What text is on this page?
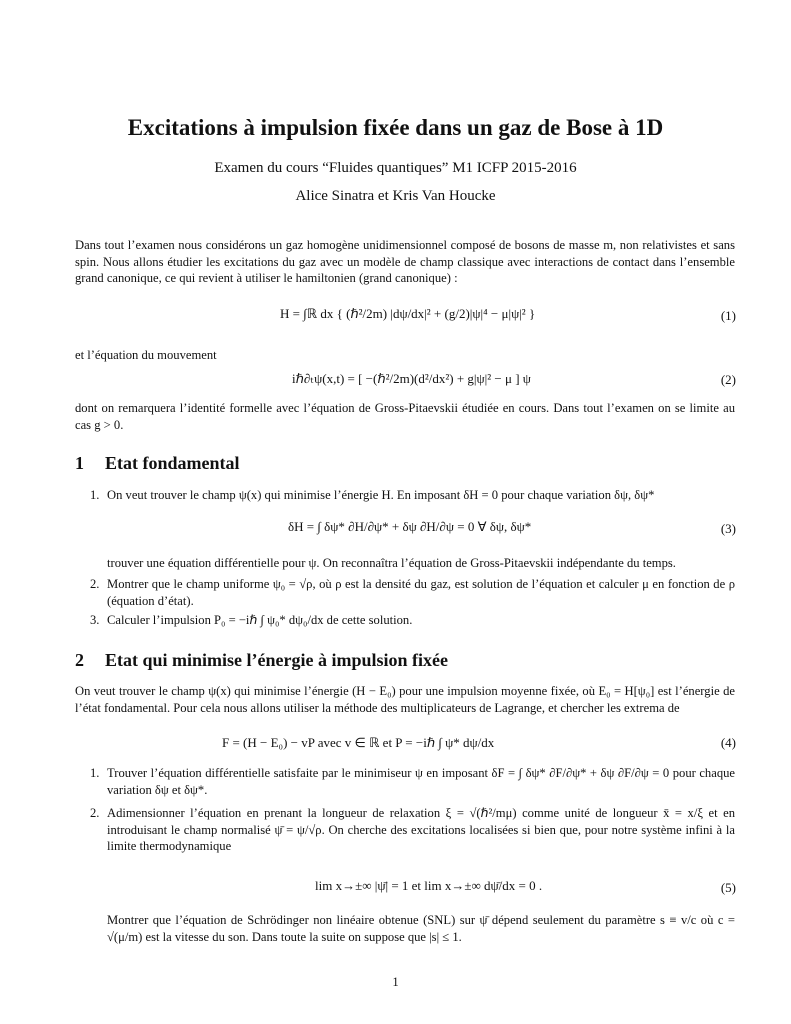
Excitations à impulsion fixée dans un gaz de Bose à 1D
Examen du cours “Fluides quantiques” M1 ICFP 2015-2016
Alice Sinatra et Kris Van Houcke
Dans tout l’examen nous considérons un gaz homogène unidimensionnel composé de bosons de masse m, non relativistes et sans spin. Nous allons étudier les excitations du gaz avec un modèle de champ classique avec interactions de contact dans l’ensemble grand canonique, ce qui revient à utiliser le hamiltonien (grand canonique) :
H = ∫ℝ dx { (ℏ²/2m) |dψ/dx|² + (g/2)|ψ|⁴ − μ|ψ|² }	(1)
et l’équation du mouvement
iℏ∂ₜψ(x,t) = [ −(ℏ²/2m)(d²/dx²) + g|ψ|² − μ ] ψ	(2)
dont on remarquera l’identité formelle avec l’équation de Gross-Pitaevskii étudiée en cours. Dans tout l’examen on se limite au cas g > 0.
1 Etat fondamental
1. On veut trouver le champ ψ(x) qui minimise l’énergie H. En imposant δH = 0 pour chaque variation δψ, δψ*
δH = ∫ δψ* ∂H/∂ψ* + δψ ∂H/∂ψ = 0 ∀ δψ, δψ*	(3)
trouver une équation différentielle pour ψ. On reconnaîtra l’équation de Gross-Pitaevskii indépendante du temps.
2. Montrer que le champ uniforme ψ₀ = √ρ, où ρ est la densité du gaz, est solution de l’équation et calculer μ en fonction de ρ (équation d’état).
3. Calculer l’impulsion P₀ = −iℏ ∫ ψ₀* dψ₀/dx de cette solution.
2 Etat qui minimise l’énergie à impulsion fixée
On veut trouver le champ ψ(x) qui minimise l’énergie (H − E₀) pour une impulsion moyenne fixée, où E₀ = H[ψ₀] est l’énergie de l’état fondamental. Pour cela nous allons utiliser la méthode des multiplicateurs de Lagrange, et chercher les extrema de
F = (H − E₀) − vP avec v ∈ ℝ et P = −iℏ ∫ ψ* dψ/dx	(4)
1. Trouver l’équation différentielle satisfaite par le minimiseur ψ en imposant δF = ∫ δψ* ∂F/∂ψ* + δψ ∂F/∂ψ = 0 pour chaque variation δψ et δψ*.
2. Adimensionner l’équation en prenant la longueur de relaxation ξ = √(ℏ²/mμ) comme unité de longueur x̄ = x/ξ et en introduisant le champ normalisé ψ̄ = ψ/√ρ. On cherche des excitations localisées si bien que, pour notre système infini à la limite thermodynamique
lim x→±∞ |ψ̄| = 1 et lim x→±∞ dψ̄/dx = 0 .	(5)
Montrer que l’équation de Schrödinger non linéaire obtenue (SNL) sur ψ̄ dépend seulement du paramètre s ≡ v/c où c = √(μ/m) est la vitesse du son. Dans toute la suite on suppose que |s| ≤ 1.
1
